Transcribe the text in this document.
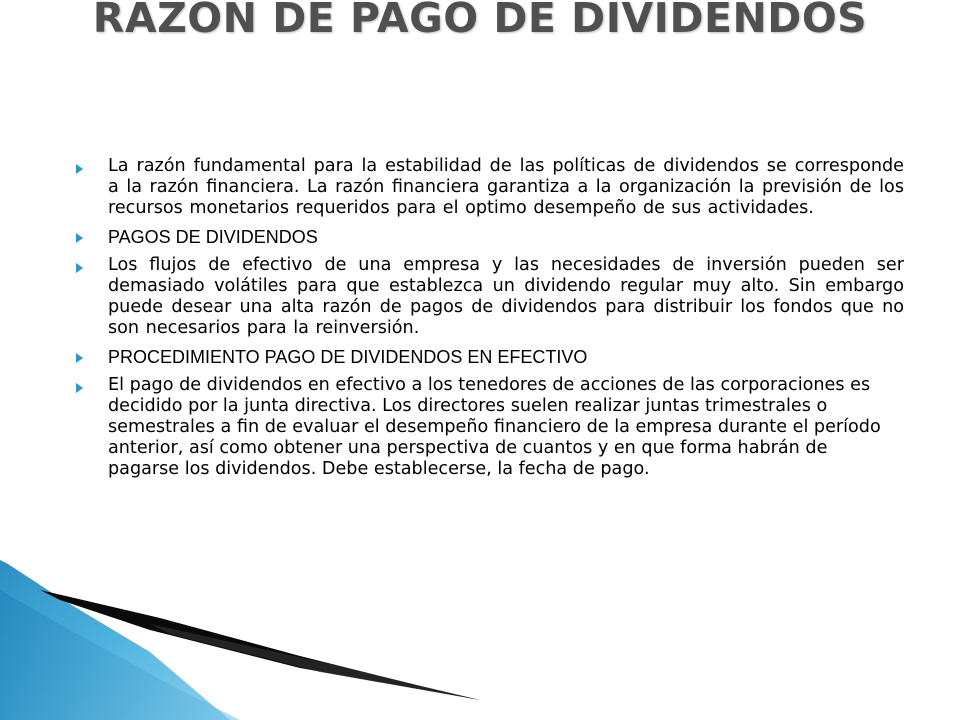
RAZON DE PAGO DE DIVIDENDOS
La razón fundamental para la estabilidad de las políticas de dividendos se corresponde a la razón financiera. La razón financiera garantiza a la organización la previsión de los recursos monetarios requeridos para el optimo desempeño de sus actividades.
PAGOS DE DIVIDENDOS
Los flujos de efectivo de una empresa y las necesidades de inversión pueden ser demasiado volátiles para que establezca un dividendo regular muy alto. Sin embargo puede desear una alta razón de pagos de dividendos para distribuir los fondos que no son necesarios para la reinversión.
PROCEDIMIENTO PAGO DE DIVIDENDOS EN EFECTIVO
El pago de dividendos en efectivo a los tenedores de acciones de las corporaciones es decidido por la junta directiva. Los directores suelen realizar juntas trimestrales o semestrales a fin de evaluar el desempeño financiero de la empresa durante el período anterior, así como obtener una perspectiva de cuantos y en que forma habrán de pagarse los dividendos. Debe establecerse, la fecha de pago.
